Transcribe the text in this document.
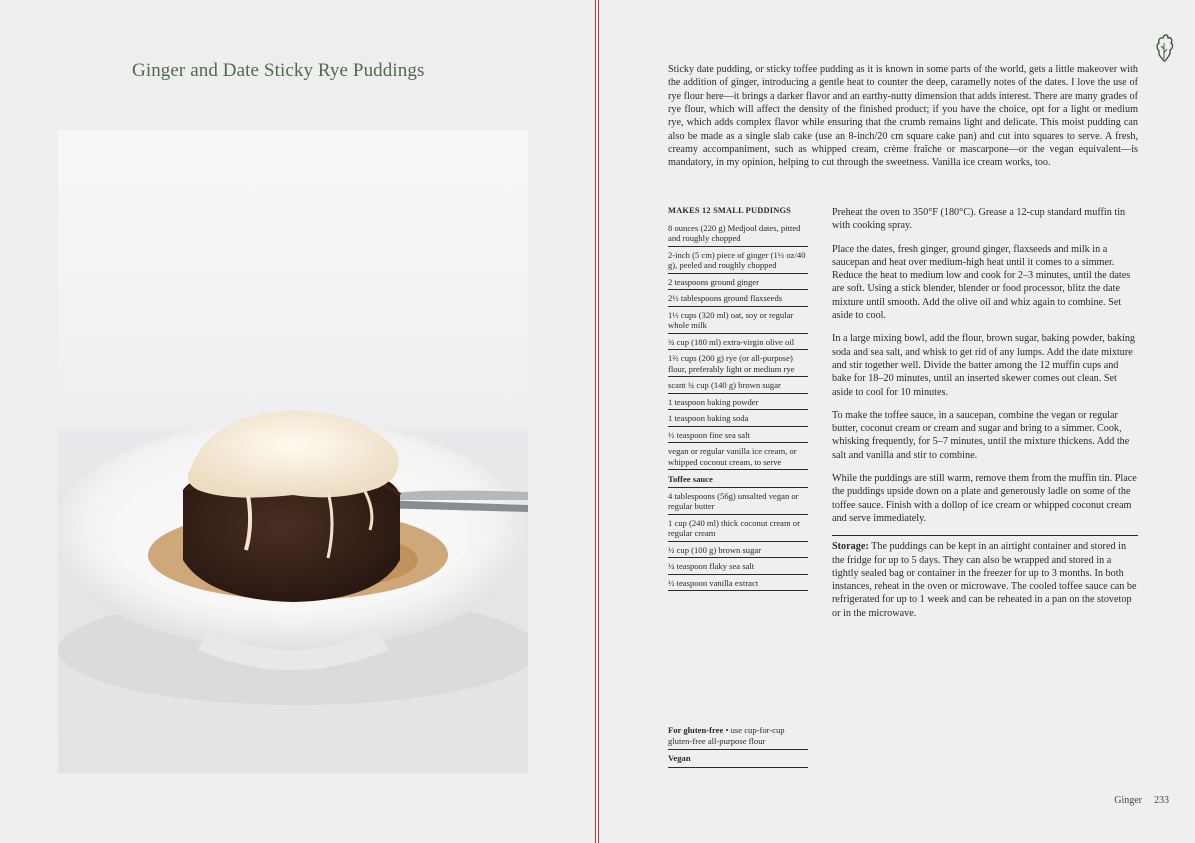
Ginger and Date Sticky Rye Puddings	Sticky date pudding, or sticky toffee pudding as it is known in some parts of the world, gets a little makeover with the addition of ginger, introducing a gentle heat to counter the deep, caramelly notes of the dates. I love the use of rye flour here—it brings a darker flavor and an earthy-nutty dimension that adds interest. There are many grades of rye flour, which will affect the density of the finished product; if you have the choice, opt for a light or medium rye, which adds complex flavor while ensuring that the crumb remains light and delicate. This moist pudding can also be made as a single slab cake (use an 8-inch/20 cm square cake pan) and cut into squares to serve. A fresh, creamy accompaniment, such as whipped cream, crème fraîche or mascarpone—or the vegan equivalent—is mandatory, in my opinion, helping to cut through the sweetness. Vanilla ice cream works, too.
MAKES 12 SMALL PUDDINGS
8 ounces (220 g) Medjool dates, pitted and roughly chopped
2-inch (5 cm) piece of ginger (1½ oz/40 g), peeled and roughly chopped
2 teaspoons ground ginger
2½ tablespoons ground flaxseeds
1⅓ cups (320 ml) oat, soy or regular whole milk
¾ cup (180 ml) extra-virgin olive oil
1⅔ cups (200 g) rye (or all-purpose) flour, preferably light or medium rye
scant ¾ cup (140 g) brown sugar
1 teaspoon baking powder
1 teaspoon baking soda
½ teaspoon fine sea salt
vegan or regular vanilla ice cream, or whipped coconut cream, to serve
Toffee sauce
4 tablespoons (56g) unsalted vegan or regular butter
1 cup (240 ml) thick coconut cream or regular cream
½ cup (100 g) brown sugar
¼ teaspoon flaky sea salt
½ teaspoon vanilla extract

Preheat the oven to 350°F (180°C). Grease a 12-cup standard muffin tin with cooking spray.

Place the dates, fresh ginger, ground ginger, flaxseeds and milk in a saucepan and heat over medium-high heat until it comes to a simmer. Reduce the heat to medium low and cook for 2–3 minutes, until the dates are soft. Using a stick blender, blender or food processor, blitz the date mixture until smooth. Add the olive oil and whiz again to combine. Set aside to cool.

In a large mixing bowl, add the flour, brown sugar, baking powder, baking soda and sea salt, and whisk to get rid of any lumps. Add the date mixture and stir together well. Divide the batter among the 12 muffin cups and bake for 18–20 minutes, until an inserted skewer comes out clean. Set aside to cool for 10 minutes.

To make the toffee sauce, in a saucepan, combine the vegan or regular butter, coconut cream or cream and sugar and bring to a simmer. Cook, whisking frequently, for 5–7 minutes, until the mixture thickens. Add the salt and vanilla and stir to combine.

While the puddings are still warm, remove them from the muffin tin. Place the puddings upside down on a plate and generously ladle on some of the toffee sauce. Finish with a dollop of ice cream or whipped coconut cream and serve immediately.

Storage: The puddings can be kept in an airtight container and stored in the fridge for up to 5 days. They can also be wrapped and stored in a tightly sealed bag or container in the freezer for up to 3 months. In both instances, reheat in the oven or microwave. The cooled toffee sauce can be refrigerated for up to 1 week and can be reheated in a pan on the stovetop or in the microwave.
For gluten-free • use cup-for-cup gluten-free all-purpose flour
Vegan
Ginger 233
